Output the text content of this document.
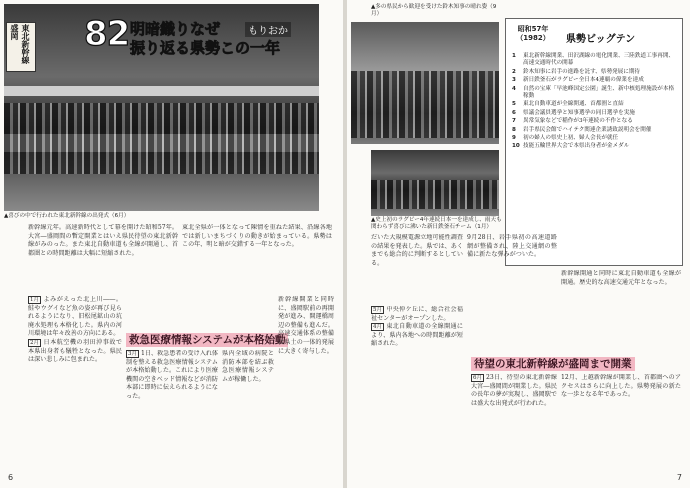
東北新幹線盛岡	82 明暗織りなぜ
振り返る県勢この一年
もりおか
▲喜びの中で行われた東北新幹線の出発式（6月）
新幹線元年。高速新時代として幕を開けた昭和57年。大宮―盛岡間の暫定開業とはいえ県民待望の東北新幹線がみのった。また東北自動車道も全線が開通し、首都圏との時間距離は大幅に短縮された。
東北全県が一体となって陳情を重ねた結果、沿線各地では新しいまちづくりの動きが始まっている。県勢はこの年、明と暗が交錯する一年となった。
1月 よみがえった北上川――。鮭やウグイなど魚の姿が再び見られるようになり、旧松尾鉱山の坑廃水処理も本格化した。県内の河川環境は年々改善の方向にある。
2月 日本航空機の羽田沖事故で本県出身者も犠牲となった。県民は深い悲しみに包まれた。
救急医療情報システムが本格始動
3月 1日、救急患者の受け入れ体制を整える救急医療情報システムが本格始動した。これにより医療機関の空きベッド情報などが消防本部に即時に伝えられるようになった。
県内全域の病院と消防本部を結ぶ救急医療情報システムが稼働した。
新幹線開業と同時に、盛岡駅前の再開発が進み、開運橋周辺の整備も進んだ。高速交通体系の整備は県土の一体的発展に大きく寄与した。
6
▲多の県民から歓迎を受けた鈴木知事の晴れ姿（9月）
▲史上初のラグビー4年連続日本一を達成し、雨天も関わらず喜びに沸いた新日鉄釜石チーム（1月）
昭和57年
（1982）	県勢ビッグテン
1	東北新幹線開業、田沢湖線の電化開業、三陸鉄道工事再開、高速交通時代の開幕
2	鈴木知事に岩手の進路を託す、県勢発展に期待
3	新日鉄釜石がラグビー全日本4連覇の偉業を達成
4	自然の宝庫「早池峰国定公園」誕生、新中核処理施設が本格稼動
5	東北自動車道が全線開通、首都圏と直結
6	県議会議員選挙と知事選挙の同日選挙を実施
7	異常気象などで稲作が3年連続の不作となる
8	岩手県民会館でハイテク関連企業誘致説明会を開催
9	初の婦人の県史上初、婦人会長が就任
10 技能五輪世界大会で本県出身者が金メダル
だいた大規模電源立地可能性調査の結果を発表した。県では、あくまでも総合的に判断するとしている。
9月28日、岩手県初の高速道路網が整備され、陸上交通網の整備に新たな弾みがついた。
5月 中央仲ケ丘に、総合社会福祉センターがオープンした。
4月 東北自動車道の全線開通により、県内各地への時間距離が短縮された。
待望の東北新幹線が盛岡まで開業
6月 23日、待望の東北新幹線大宮―盛岡間が開業した。県民の長年の夢が実現し、盛岡駅では盛大な出発式が行われた。
新幹線開通と同時に東北自動車道も全線が開通。歴史的な高速交通元年となった。
12月、上越新幹線が開業し、首都圏へのアクセスはさらに向上した。県勢発展の新たな一歩となる年であった。
7
